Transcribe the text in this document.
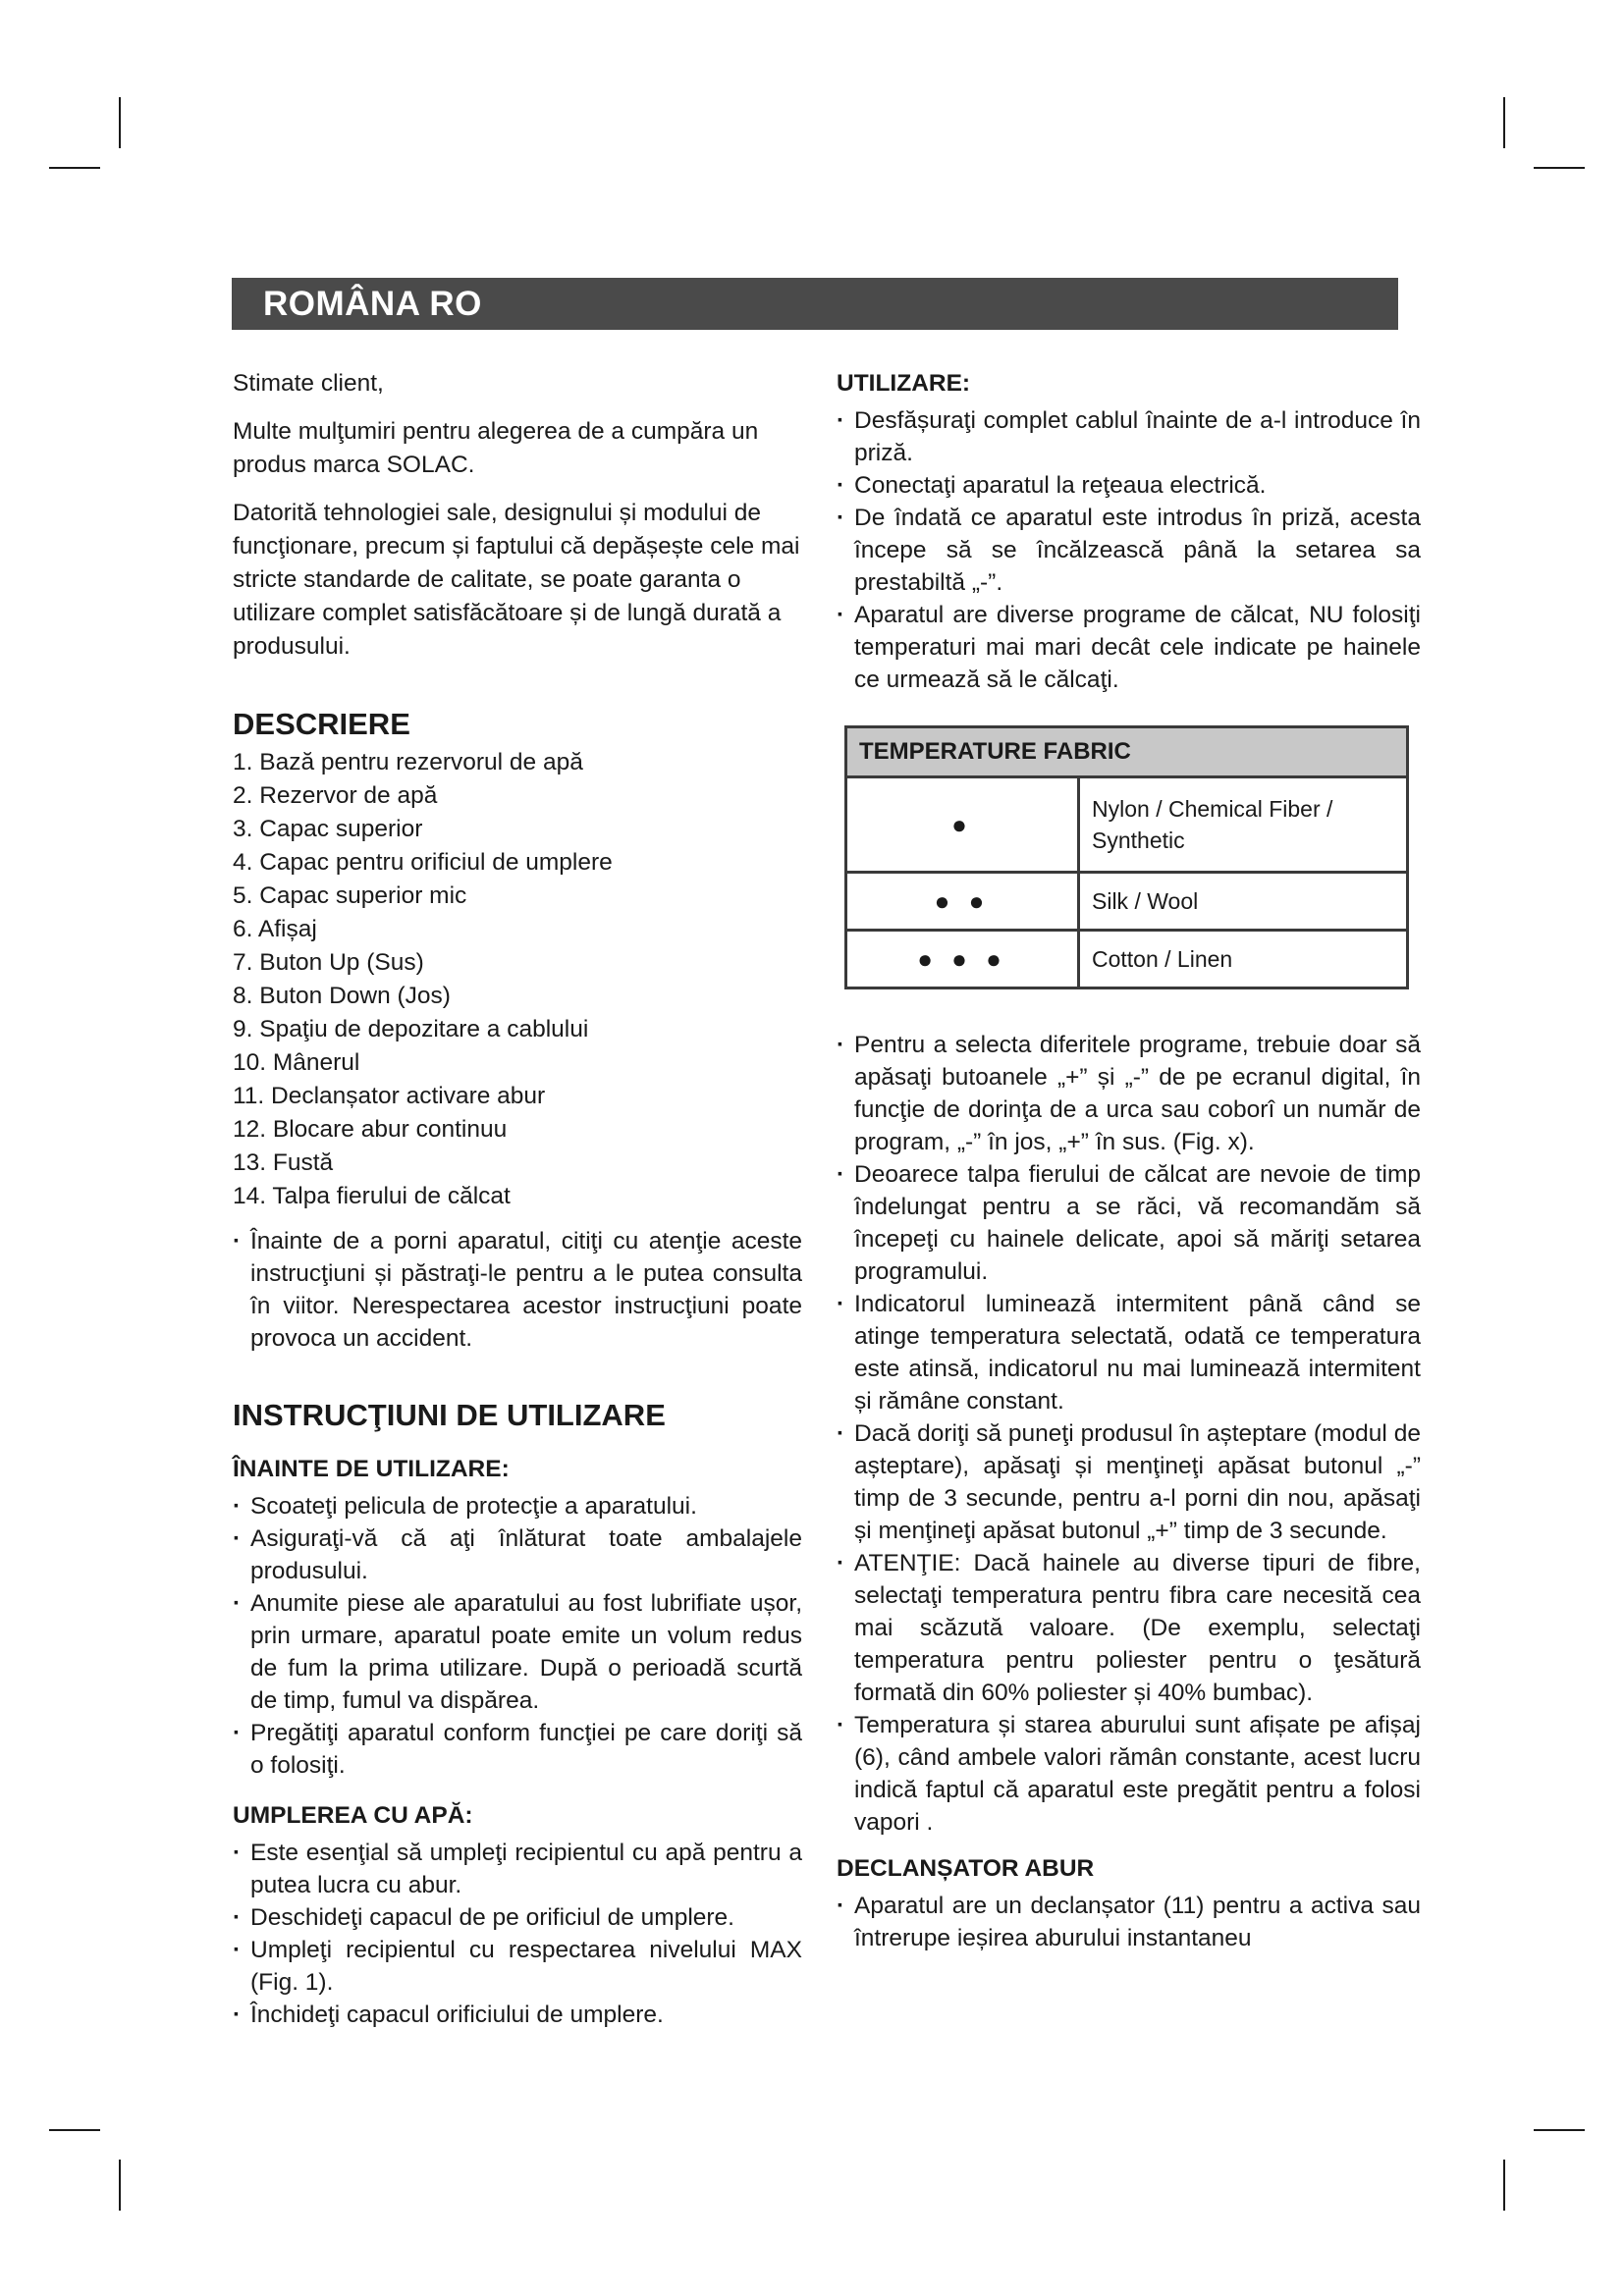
ROMÂNA RO

Stimate client,

Multe mulţumiri pentru alegerea de a cumpăra un produs marca SOLAC.

Datorită tehnologiei sale, designului și modului de funcţionare, precum și faptului că depășește cele mai stricte standarde de calitate, se poate garanta o utilizare complet satisfăcătoare și de lungă durată a produsului.

DESCRIERE
1. Bază pentru rezervorul de apă
2. Rezervor de apă
3. Capac superior
4. Capac pentru orificiul de umplere
5. Capac superior mic
6. Afișaj
7. Buton Up (Sus)
8. Buton Down (Jos)
9. Spaţiu de depozitare a cablului
10. Mânerul
11. Declanșator activare abur
12. Blocare abur continuu
13. Fustă
14. Talpa fierului de călcat
· Înainte de a porni aparatul, citiţi cu atenţie aceste instrucţiuni și păstraţi-le pentru a le putea consulta în viitor. Nerespectarea acestor instrucţiuni poate provoca un accident.
INSTRUCŢIUNI DE UTILIZARE
ÎNAINTE DE UTILIZARE:
· Scoateţi pelicula de protecţie a aparatului.
· Asiguraţi-vă că aţi înlăturat toate ambalajele produsului.
· Anumite piese ale aparatului au fost lubrifiate ușor, prin urmare, aparatul poate emite un volum redus de fum la prima utilizare. După o perioadă scurtă de timp, fumul va dispărea.
· Pregătiţi aparatul conform funcţiei pe care doriţi să o folosiţi.
UMPLEREA CU APĂ:
· Este esenţial să umpleţi recipientul cu apă pentru a putea lucra cu abur.
· Deschideţi capacul de pe orificiul de umplere.
· Umpleţi recipientul cu respectarea nivelului MAX (Fig. 1).
· Închideţi capacul orificiului de umplere.
UTILIZARE:
· Desfășuraţi complet cablul înainte de a-l introduce în priză.
· Conectaţi aparatul la reţeaua electrică.
· De îndată ce aparatul este introdus în priză, acesta începe să se încălzească până la setarea sa prestabiltă „-”.
· Aparatul are diverse programe de călcat, NU folosiţi temperaturi mai mari decât cele indicate pe hainele ce urmează să le călcaţi.
TEMPERATURE FABRIC	
●	Nylon / Chemical Fiber / Synthetic
● ●	Silk / Wool
● ● ●	Cotton / Linen
· Pentru a selecta diferitele programe, trebuie doar să apăsaţi butoanele „+” și „-” de pe ecranul digital, în funcţie de dorinţa de a urca sau coborî un număr de program, „-” în jos, „+” în sus. (Fig. x).
· Deoarece talpa fierului de călcat are nevoie de timp îndelungat pentru a se răci, vă recomandăm să începeţi cu hainele delicate, apoi să măriţi setarea programului.
· Indicatorul luminează intermitent până când se atinge temperatura selectată, odată ce temperatura este atinsă, indicatorul nu mai luminează intermitent și rămâne constant.
· Dacă doriţi să puneţi produsul în așteptare (modul de așteptare), apăsaţi și menţineţi apăsat butonul „-” timp de 3 secunde, pentru a-l porni din nou, apăsaţi și menţineţi apăsat butonul „+” timp de 3 secunde.
· ATENŢIE: Dacă hainele au diverse tipuri de fibre, selectaţi temperatura pentru fibra care necesită cea mai scăzută valoare. (De exemplu, selectaţi temperatura pentru poliester pentru o ţesătură formată din 60% poliester și 40% bumbac).
· Temperatura și starea aburului sunt afișate pe afișaj (6), când ambele valori rămân constante, acest lucru indică faptul că aparatul este pregătit pentru a folosi vapori .
DECLANȘATOR ABUR
· Aparatul are un declanșator (11) pentru a activa sau întrerupe ieșirea aburului instantaneu
